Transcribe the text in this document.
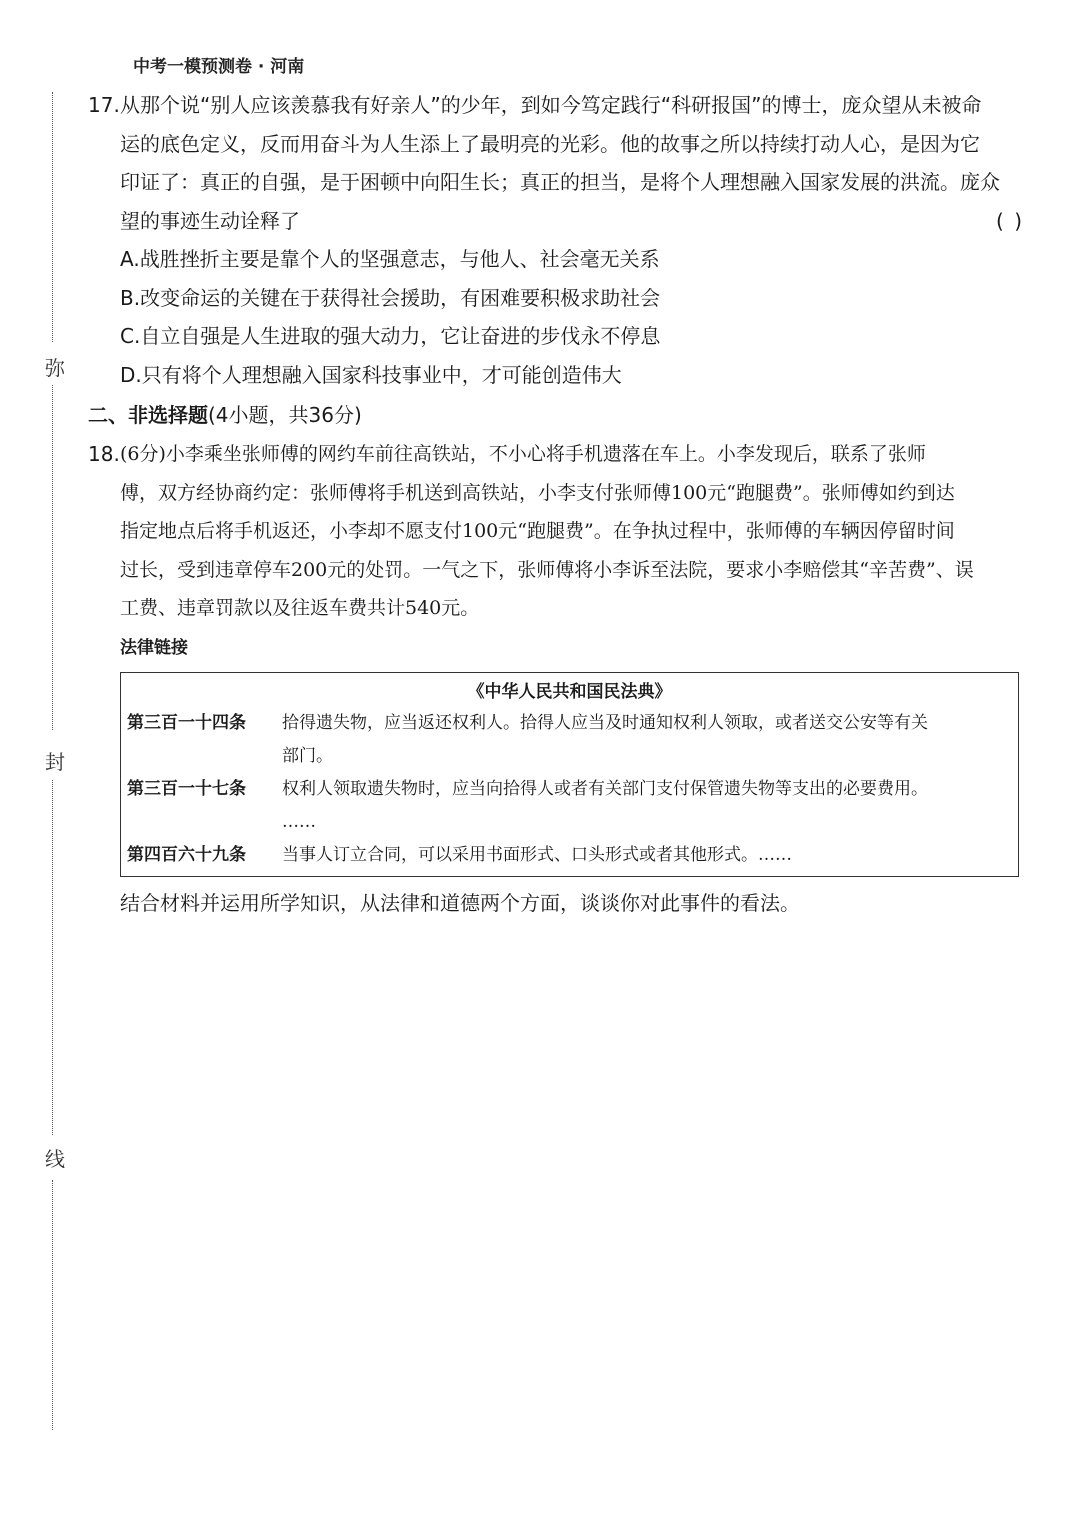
中考一模预测卷 · 河南
弥
封
线
17. 从那个说“别人应该羡慕我有好亲人”的少年，到如今笃定践行“科研报国”的博士，庞众望从未被命
运的底色定义，反而用奋斗为人生添上了最明亮的光彩。他的故事之所以持续打动人心，是因为它
印证了：真正的自强，是于困顿中向阳生长；真正的担当，是将个人理想融入国家发展的洪流。庞众
望的事迹生动诠释了	( )
A.战胜挫折主要是靠个人的坚强意志，与他人、社会毫无关系
B.改变命运的关键在于获得社会援助，有困难要积极求助社会
C.自立自强是人生进取的强大动力，它让奋进的步伐永不停息
D.只有将个人理想融入国家科技事业中，才可能创造伟大
二、非选择题(4小题，共36分)
18. (6分)小李乘坐张师傅的网约车前往高铁站，不小心将手机遗落在车上。小李发现后，联系了张师
傅，双方经协商约定：张师傅将手机送到高铁站，小李支付张师傅100元“跑腿费”。张师傅如约到达
指定地点后将手机返还，小李却不愿支付100元“跑腿费”。在争执过程中，张师傅的车辆因停留时间
过长，受到违章停车200元的处罚。一气之下，张师傅将小李诉至法院，要求小李赔偿其“辛苦费”、误
工费、违章罚款以及往返车费共计540元。
法律链接
《中华人民共和国民法典》
第三百一十四条	拾得遗失物，应当返还权利人。拾得人应当及时通知权利人领取，或者送交公安等有关
部门。
第三百一十七条	权利人领取遗失物时，应当向拾得人或者有关部门支付保管遗失物等支出的必要费用。
……
第四百六十九条	当事人订立合同，可以采用书面形式、口头形式或者其他形式。……
结合材料并运用所学知识，从法律和道德两个方面，谈谈你对此事件的看法。
